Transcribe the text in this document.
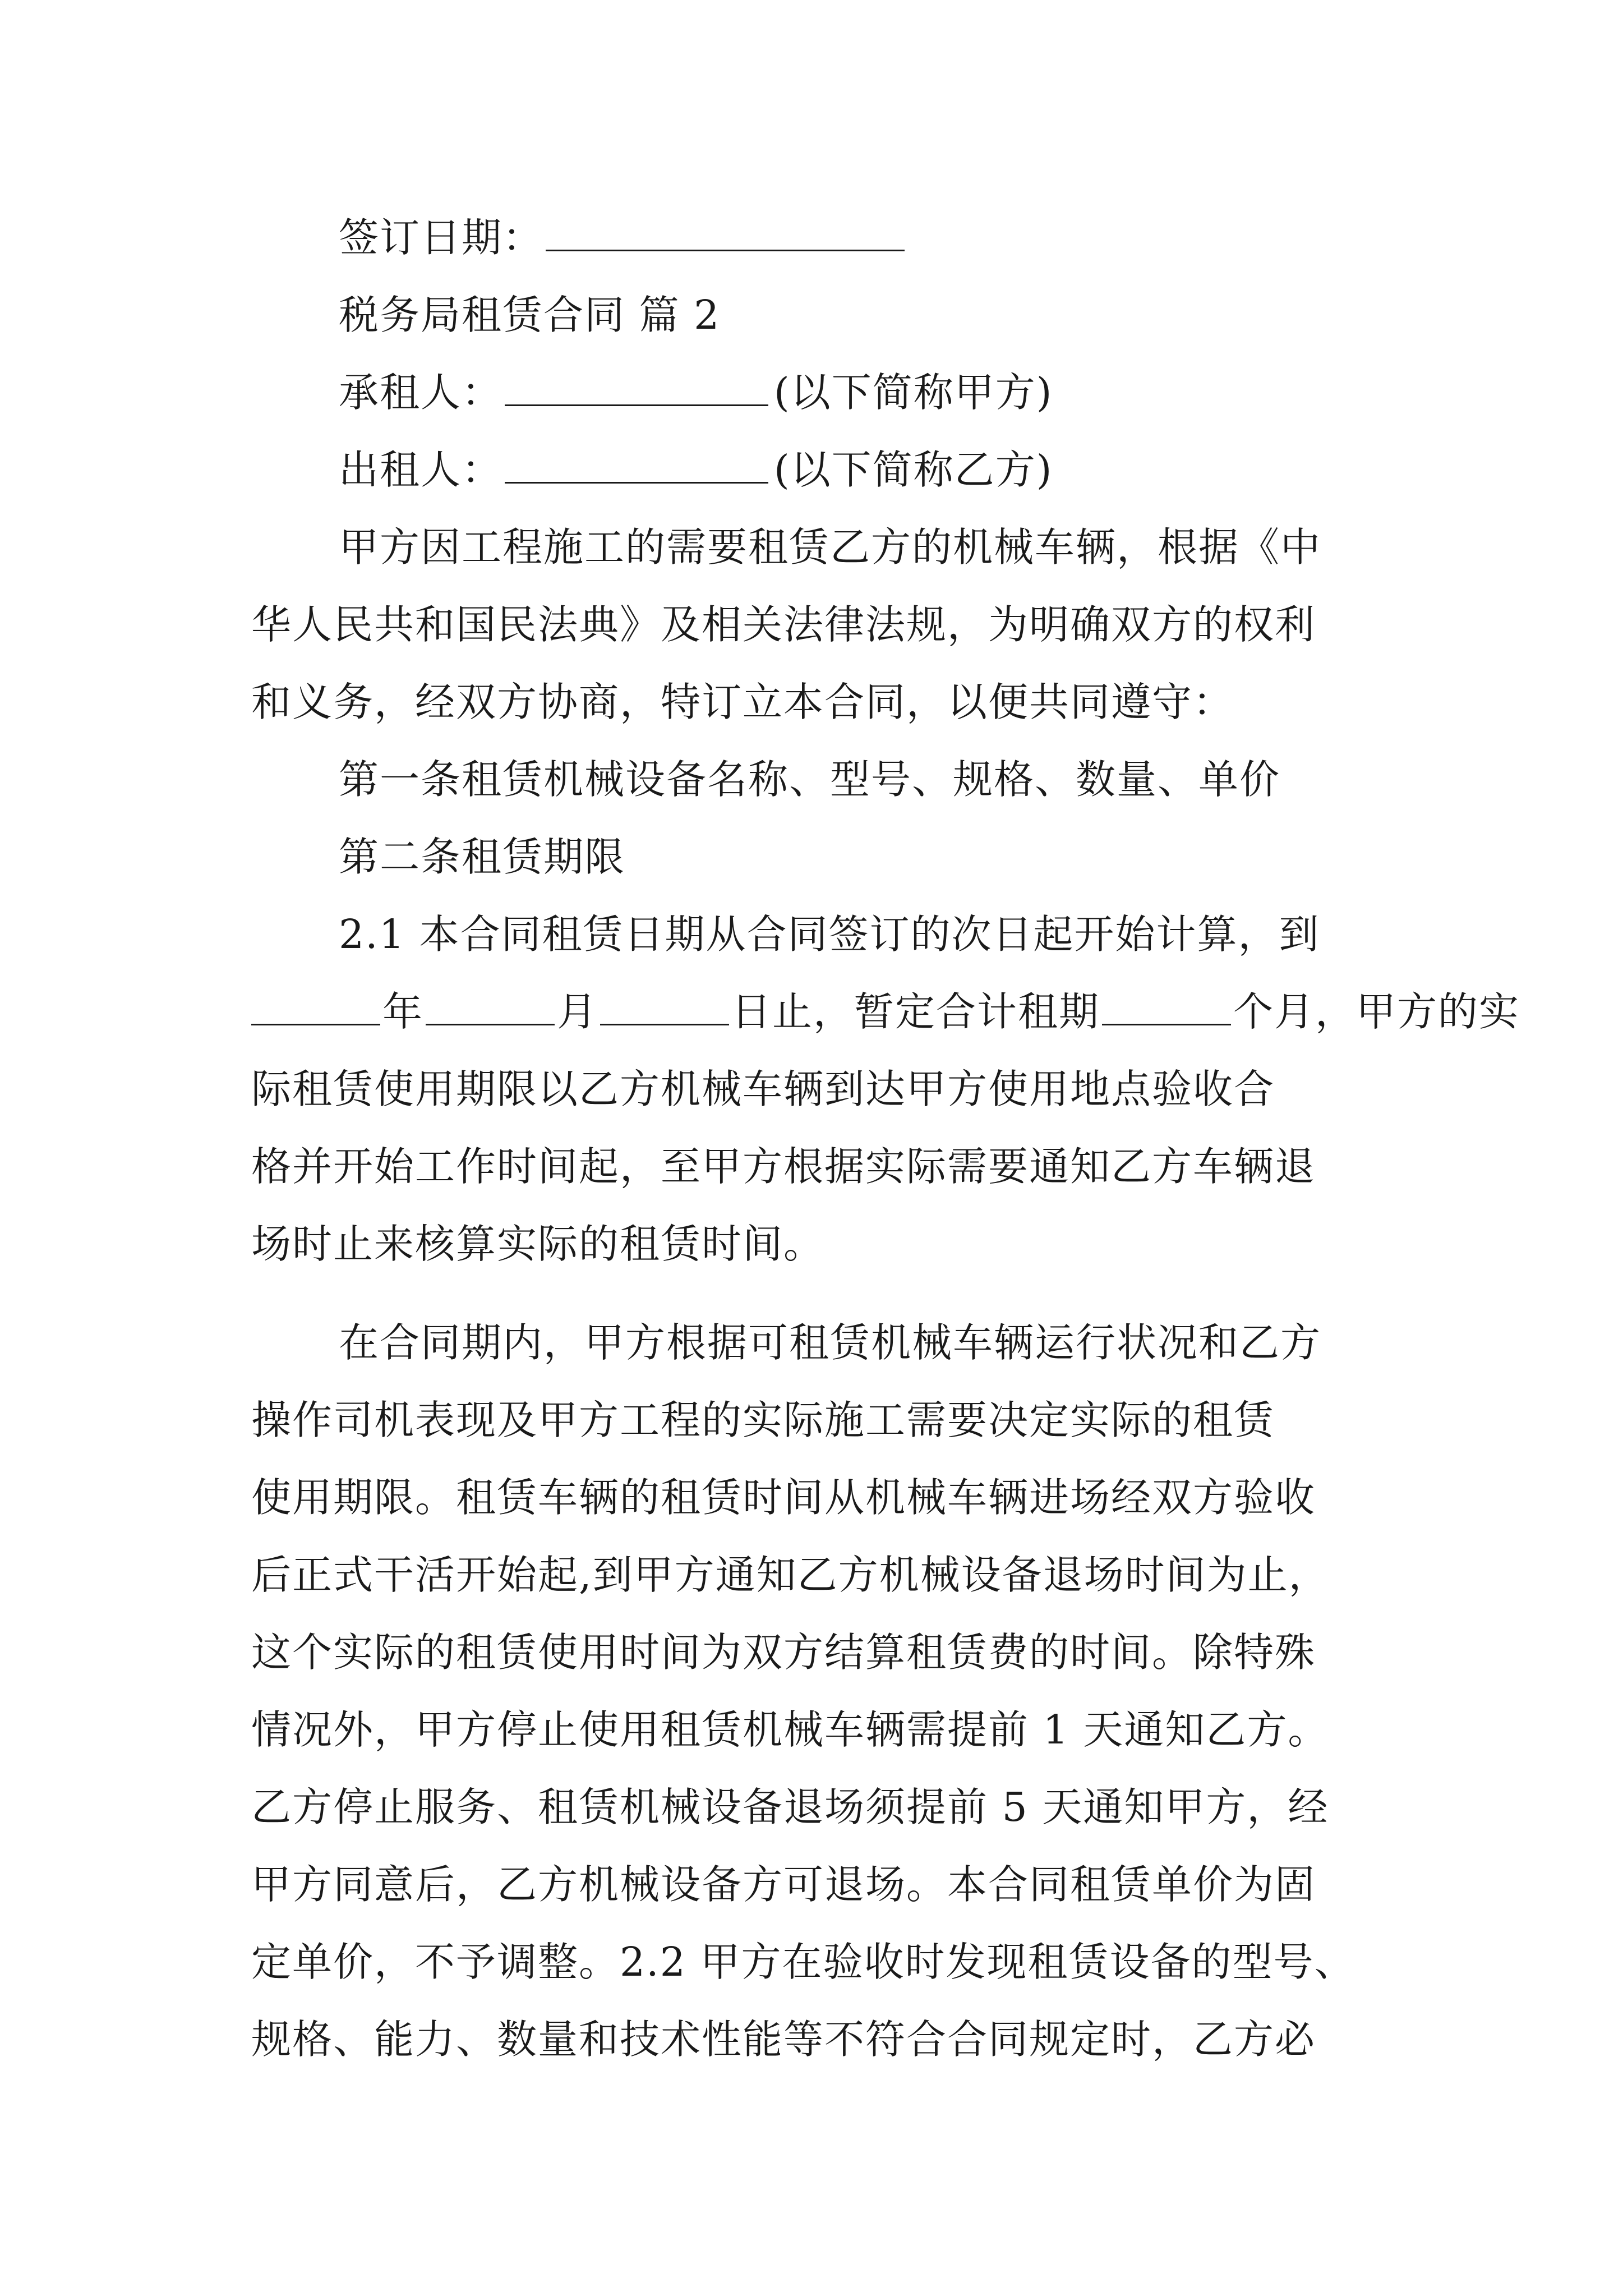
签订日期：
税务局租赁合同 篇 2
承租人：	(以下简称甲方)
出租人：	(以下简称乙方)
甲方因工程施工的需要租赁乙方的机械车辆，根据《中
华人民共和国民法典》及相关法律法规，为明确双方的权利
和义务，经双方协商，特订立本合同，以便共同遵守：
第一条租赁机械设备名称、型号、规格、数量、单价
第二条租赁期限
2.1 本合同租赁日期从合同签订的次日起开始计算，到
年	月	日止，暂定合计租期	个月，甲方的实
际租赁使用期限以乙方机械车辆到达甲方使用地点验收合
格并开始工作时间起，至甲方根据实际需要通知乙方车辆退
场时止来核算实际的租赁时间。
在合同期内，甲方根据可租赁机械车辆运行状况和乙方
操作司机表现及甲方工程的实际施工需要决定实际的租赁
使用期限。租赁车辆的租赁时间从机械车辆进场经双方验收
后正式干活开始起,到甲方通知乙方机械设备退场时间为止，
这个实际的租赁使用时间为双方结算租赁费的时间。除特殊
情况外，甲方停止使用租赁机械车辆需提前 1 天通知乙方。
乙方停止服务、租赁机械设备退场须提前 5 天通知甲方，经
甲方同意后，乙方机械设备方可退场。本合同租赁单价为固
定单价，不予调整。2.2 甲方在验收时发现租赁设备的型号、
规格、能力、数量和技术性能等不符合合同规定时，乙方必
